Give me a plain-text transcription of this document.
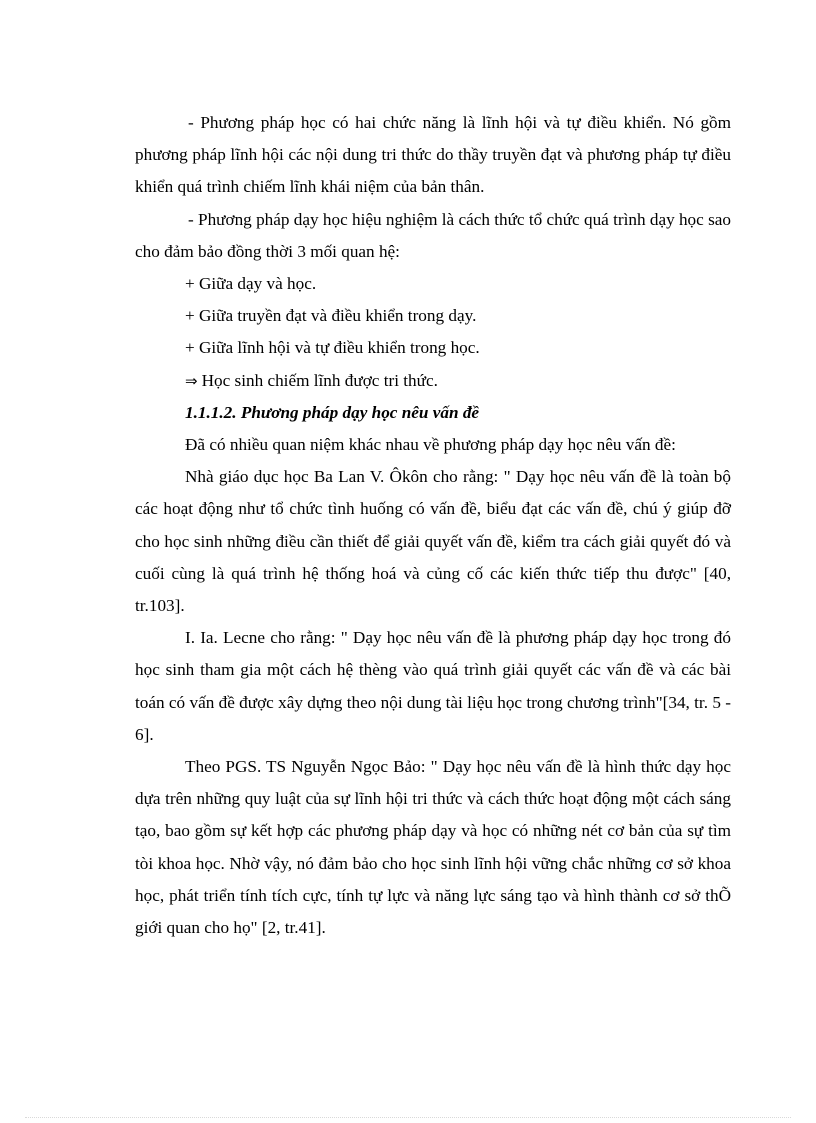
- Phương pháp học có hai chức năng là lĩnh hội và tự điều khiển. Nó gồm phương pháp lĩnh hội các nội dung tri thức do thầy truyền đạt và phương pháp tự điều khiển quá trình chiếm lĩnh khái niệm của bản thân.

- Phương pháp dạy học hiệu nghiệm là cách thức tổ chức quá trình dạy học sao cho đảm bảo đồng thời 3 mối quan hệ:

+ Giữa dạy và học.

+ Giữa truyền đạt và điều khiển trong dạy.

+ Giữa lĩnh hội và tự điều khiển trong học.

⇒ Học sinh chiếm lĩnh được tri thức.

1.1.1.2. Phương pháp dạy học nêu vấn đề

Đã có nhiều quan niệm khác nhau về phương pháp dạy học nêu vấn đề:

Nhà giáo dục học Ba Lan V. Ôkôn cho rằng: " Dạy học nêu vấn đề là toàn bộ các hoạt động như tổ chức tình huống có vấn đề, biểu đạt các vấn đề, chú ý giúp đỡ cho học sinh những điều cần thiết để giải quyết vấn đề, kiểm tra cách giải quyết đó và cuối cùng là quá trình hệ thống hoá và củng cố các kiến thức tiếp thu được" [40, tr.103].

I. Ia. Lecne cho rằng: " Dạy học nêu vấn đề là phương pháp dạy học trong đó học sinh tham gia một cách hệ thèng vào quá trình giải quyết các vấn đề và các bài toán có vấn đề được xây dựng theo nội dung tài liệu học trong chương trình"[34, tr. 5 - 6].

Theo PGS. TS Nguyễn Ngọc Bảo: " Dạy học nêu vấn đề là hình thức dạy học dựa trên những quy luật của sự lĩnh hội tri thức và cách thức hoạt động một cách sáng tạo, bao gồm sự kết hợp các phương pháp dạy và học có những nét cơ bản của sự tìm tòi khoa học. Nhờ vậy, nó đảm bảo cho học sinh lĩnh hội vững chắc những cơ sở khoa học, phát triển tính tích cực, tính tự lực và năng lực sáng tạo và hình thành cơ sở thÕ giới quan cho họ" [2, tr.41].
